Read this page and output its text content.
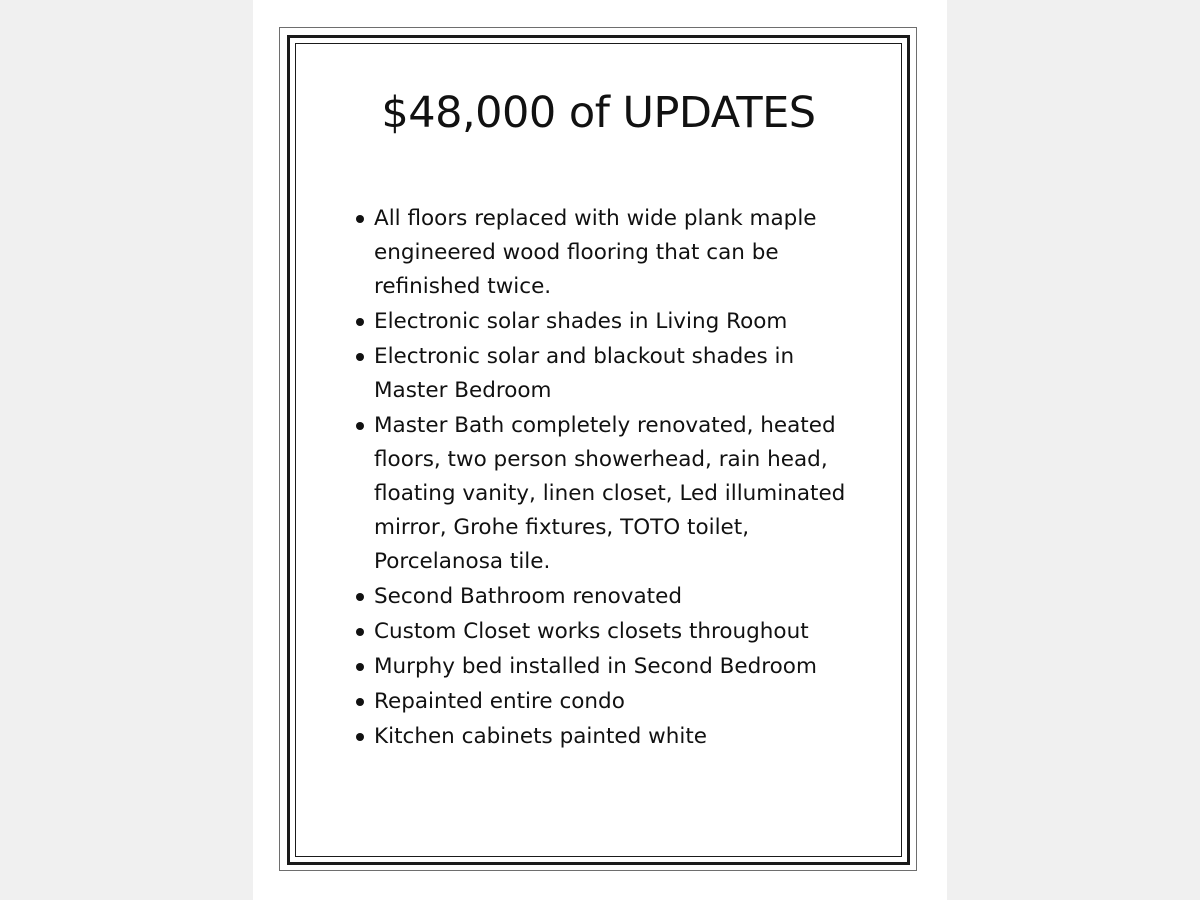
$48,000 of UPDATES
All floors replaced with wide plank maple engineered wood flooring that can be refinished twice.
Electronic solar shades in Living Room
Electronic solar and blackout shades in Master Bedroom
Master Bath completely renovated, heated floors, two person showerhead, rain head, floating vanity, linen closet, Led illuminated mirror, Grohe fixtures, TOTO toilet, Porcelanosa tile.
Second Bathroom renovated
Custom Closet works closets throughout
Murphy bed installed in Second Bedroom
Repainted entire condo
Kitchen cabinets painted white
